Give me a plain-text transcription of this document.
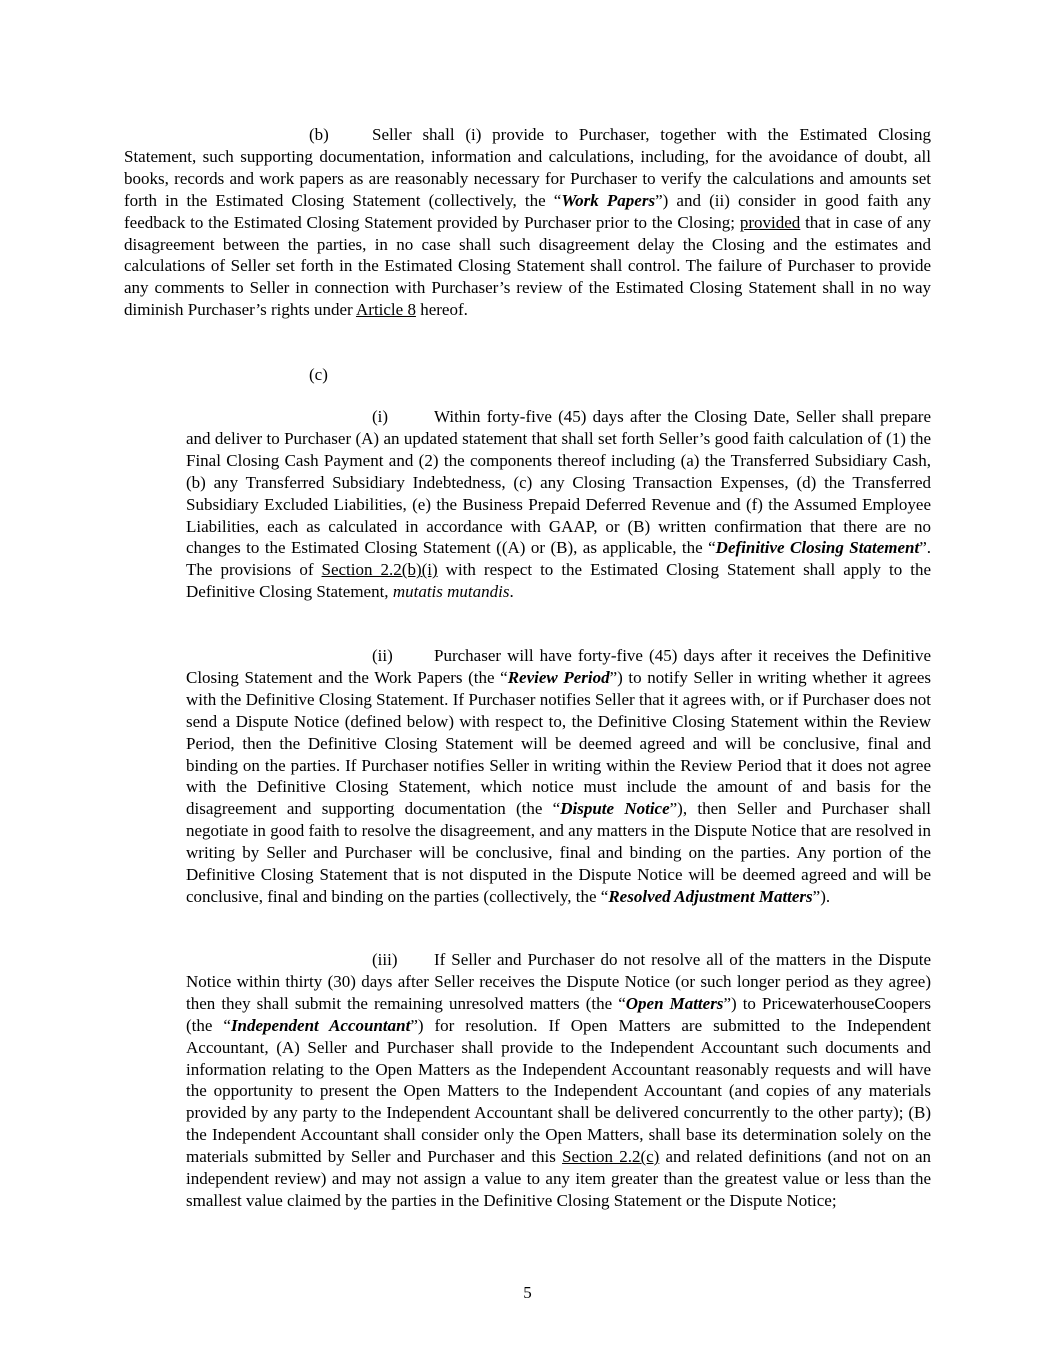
(b)	Seller shall (i) provide to Purchaser, together with the Estimated Closing Statement, such supporting documentation, information and calculations, including, for the avoidance of doubt, all books, records and work papers as are reasonably necessary for Purchaser to verify the calculations and amounts set forth in the Estimated Closing Statement (collectively, the “Work Papers”) and (ii) consider in good faith any feedback to the Estimated Closing Statement provided by Purchaser prior to the Closing; provided that in case of any disagreement between the parties, in no case shall such disagreement delay the Closing and the estimates and calculations of Seller set forth in the Estimated Closing Statement shall control. The failure of Purchaser to provide any comments to Seller in connection with Purchaser’s review of the Estimated Closing Statement shall in no way diminish Purchaser’s rights under Article 8 hereof.

(c)

(i)	Within forty-five (45) days after the Closing Date, Seller shall prepare and deliver to Purchaser (A) an updated statement that shall set forth Seller’s good faith calculation of (1) the Final Closing Cash Payment and (2) the components thereof including (a) the Transferred Subsidiary Cash, (b) any Transferred Subsidiary Indebtedness, (c) any Closing Transaction Expenses, (d) the Transferred Subsidiary Excluded Liabilities, (e) the Business Prepaid Deferred Revenue and (f) the Assumed Employee Liabilities, each as calculated in accordance with GAAP, or (B) written confirmation that there are no changes to the Estimated Closing Statement ((A) or (B), as applicable, the “Definitive Closing Statement”. The provisions of Section 2.2(b)(i) with respect to the Estimated Closing Statement shall apply to the Definitive Closing Statement, mutatis mutandis.

(ii) Purchaser will have forty-five (45) days after it receives the Definitive Closing Statement and the Work Papers (the “Review Period”) to notify Seller in writing whether it agrees with the Definitive Closing Statement. If Purchaser notifies Seller that it agrees with, or if Purchaser does not send a Dispute Notice (defined below) with respect to, the Definitive Closing Statement within the Review Period, then the Definitive Closing Statement will be deemed agreed and will be conclusive, final and binding on the parties. If Purchaser notifies Seller in writing within the Review Period that it does not agree with the Definitive Closing Statement, which notice must include the amount of and basis for the disagreement and supporting documentation (the “Dispute Notice”), then Seller and Purchaser shall negotiate in good faith to resolve the disagreement, and any matters in the Dispute Notice that are resolved in writing by Seller and Purchaser will be conclusive, final and binding on the parties. Any portion of the Definitive Closing Statement that is not disputed in the Dispute Notice will be deemed agreed and will be conclusive, final and binding on the parties (collectively, the “Resolved Adjustment Matters”).

(iii) If Seller and Purchaser do not resolve all of the matters in the Dispute Notice within thirty (30) days after Seller receives the Dispute Notice (or such longer period as they agree) then they shall submit the remaining unresolved matters (the “Open Matters”) to PricewaterhouseCoopers (the “Independent Accountant”) for resolution. If Open Matters are submitted to the Independent Accountant, (A) Seller and Purchaser shall provide to the Independent Accountant such documents and information relating to the Open Matters as the Independent Accountant reasonably requests and will have the opportunity to present the Open Matters to the Independent Accountant (and copies of any materials provided by any party to the Independent Accountant shall be delivered concurrently to the other party); (B) the Independent Accountant shall consider only the Open Matters, shall base its determination solely on the materials submitted by Seller and Purchaser and this Section 2.2(c) and related definitions (and not on an independent review) and may not assign a value to any item greater than the greatest value or less than the smallest value claimed by the parties in the Definitive Closing Statement or the Dispute Notice;

5
